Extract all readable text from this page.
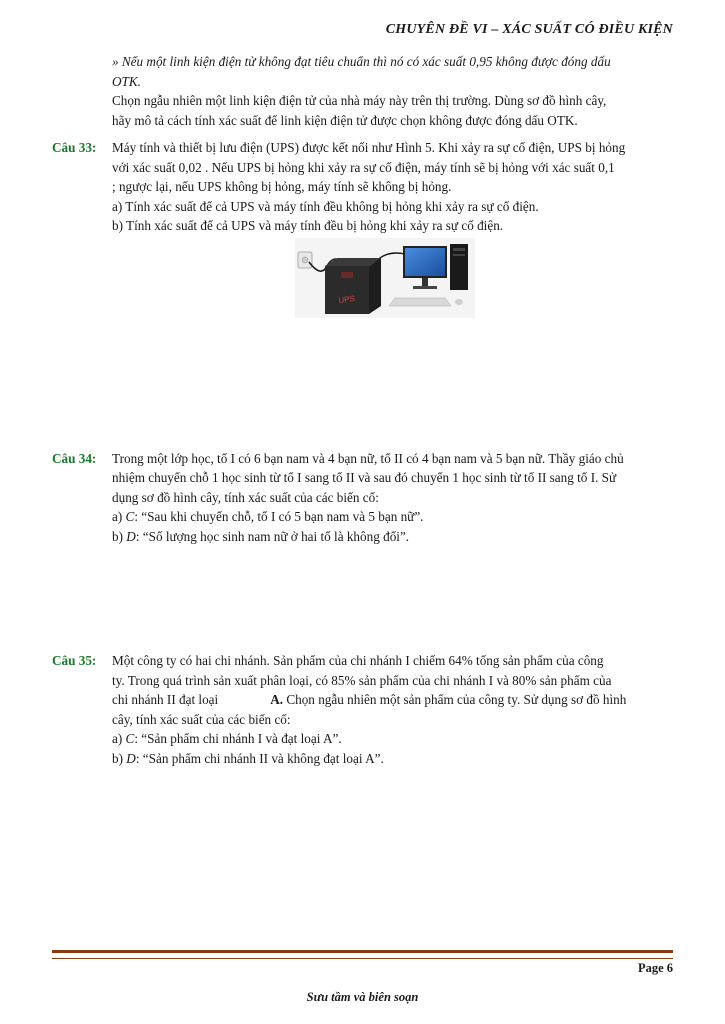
CHUYÊN ĐỀ VI – XÁC SUẤT CÓ ĐIỀU KIỆN
» Nếu một linh kiện điện tử không đạt tiêu chuẩn thì nó có xác suất 0,95 không được đóng dấu
OTK.
Chọn ngẫu nhiên một linh kiện điện tử của nhà máy này trên thị trường. Dùng sơ đồ hình cây,
hãy mô tả cách tính xác suất để linh kiện điện tử được chọn không được đóng dấu OTK.
Câu 33: Máy tính và thiết bị lưu điện (UPS) được kết nối như Hình 5. Khi xảy ra sự cố điện, UPS bị hỏng
với xác suất 0,02 . Nếu UPS bị hỏng khi xảy ra sự cố điện, máy tính sẽ bị hỏng với xác suất 0,1
; ngược lại, nếu UPS không bị hỏng, máy tính sẽ không bị hỏng.
a) Tính xác suất để cả UPS và máy tính đều không bị hỏng khi xảy ra sự cố điện.
b) Tính xác suất để cả UPS và máy tính đều bị hỏng khi xảy ra sự cố điện.
UPS
Câu 34: Trong một lớp học, tổ I có 6 bạn nam và 4 bạn nữ, tổ II có 4 bạn nam và 5 bạn nữ. Thầy giáo chủ
nhiệm chuyển chỗ 1 học sinh từ tổ I sang tổ II và sau đó chuyển 1 học sinh từ tổ II sang tổ I. Sử
dụng sơ đồ hình cây, tính xác suất của các biến cố:
a) C: “Sau khi chuyển chỗ, tổ I có 5 bạn nam và 5 bạn nữ”.
b) D: “Số lượng học sinh nam nữ ở hai tổ là không đổi”.
Câu 35: Một công ty có hai chi nhánh. Sản phẩm của chi nhánh I chiếm 64% tổng sản phẩm của công
ty. Trong quá trình sản xuất phân loại, có 85% sản phẩm của chi nhánh I và 80% sản phẩm của
chi nhánh II đạt loại	A. Chọn ngẫu nhiên một sản phẩm của công ty. Sử dụng sơ đồ hình
cây, tính xác suất của các biến cố:
a) C: “Sản phẩm chi nhánh I và đạt loại A”.
b) D: “Sản phẩm chi nhánh II và không đạt loại A”.
Page 6
Sưu tầm và biên soạn
